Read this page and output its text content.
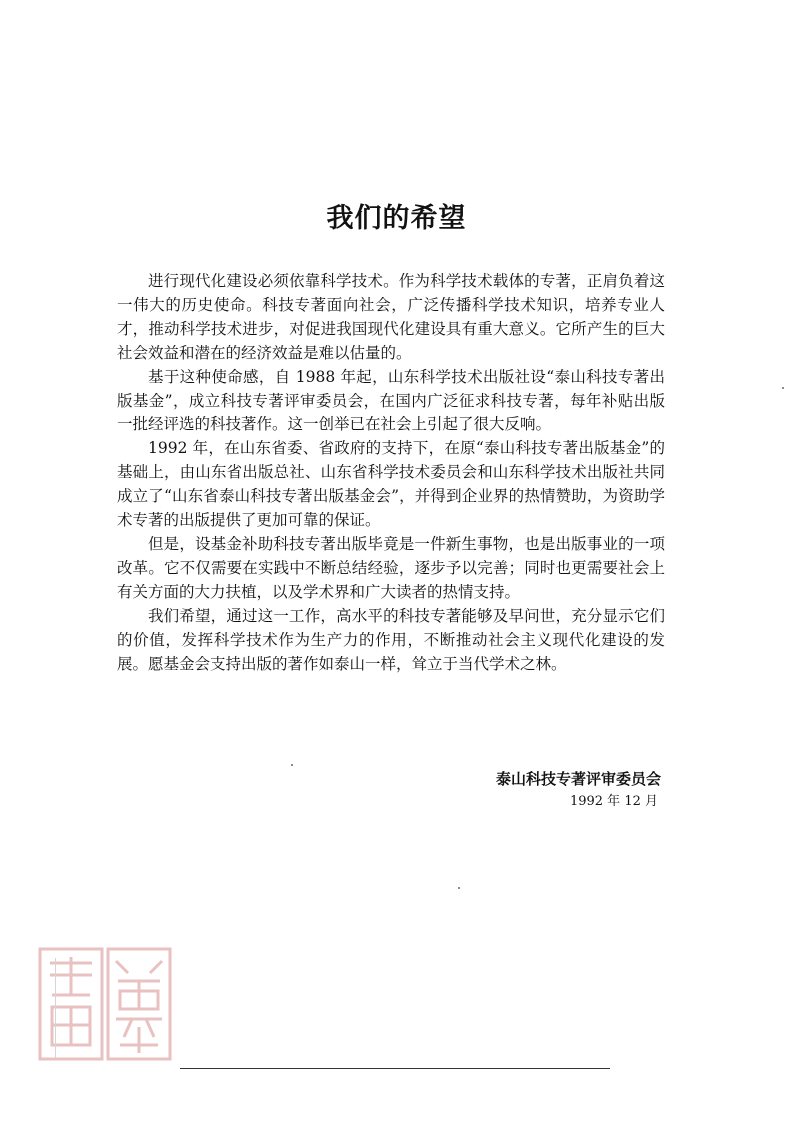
我们的希望

进行现代化建设必须依靠科学技术。作为科学技术载体的专著，正肩负着这一伟大的历史使命。科技专著面向社会，广泛传播科学技术知识，培养专业人才，推动科学技术进步，对促进我国现代化建设具有重大意义。它所产生的巨大社会效益和潜在的经济效益是难以估量的。

基于这种使命感，自 1988 年起，山东科学技术出版社设“泰山科技专著出版基金”，成立科技专著评审委员会，在国内广泛征求科技专著，每年补贴出版一批经评选的科技著作。这一创举已在社会上引起了很大反响。

1992 年，在山东省委、省政府的支持下，在原“泰山科技专著出版基金”的基础上，由山东省出版总社、山东省科学技术委员会和山东科学技术出版社共同成立了“山东省泰山科技专著出版基金会”，并得到企业界的热情赞助，为资助学术专著的出版提供了更加可靠的保证。

但是，设基金补助科技专著出版毕竟是一件新生事物，也是出版事业的一项改革。它不仅需要在实践中不断总结经验，逐步予以完善；同时也更需要社会上有关方面的大力扶植，以及学术界和广大读者的热情支持。

我们希望，通过这一工作，高水平的科技专著能够及早问世，充分显示它们的价值，发挥科学技术作为生产力的作用，不断推动社会主义现代化建设的发展。愿基金会支持出版的著作如泰山一样，耸立于当代学术之林。

泰山科技专著评审委员会
1992 年 12 月
